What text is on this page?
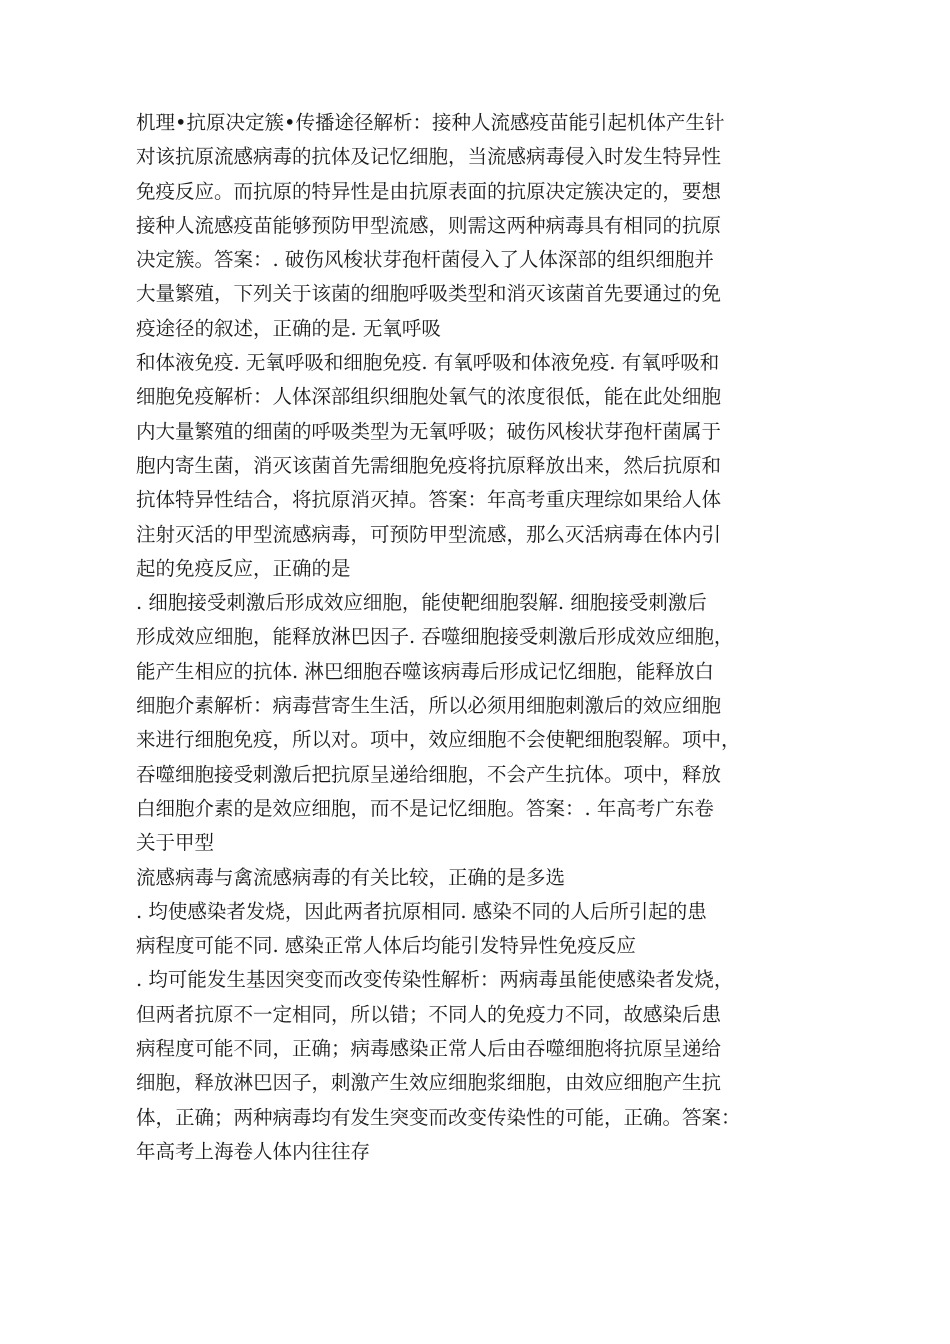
机理•抗原决定簇•传播途径解析：接种人流感疫苗能引起机体产生针
对该抗原流感病毒的抗体及记忆细胞，当流感病毒侵入时发生特异性
免疫反应。而抗原的特异性是由抗原表面的抗原决定簇决定的，要想
接种人流感疫苗能够预防甲型流感，则需这两种病毒具有相同的抗原
决定簇。答案：. 破伤风梭状芽孢杆菌侵入了人体深部的组织细胞并
大量繁殖，下列关于该菌的细胞呼吸类型和消灭该菌首先要通过的免
疫途径的叙述，正确的是. 无氧呼吸
和体液免疫. 无氧呼吸和细胞免疫. 有氧呼吸和体液免疫. 有氧呼吸和
细胞免疫解析：人体深部组织细胞处氧气的浓度很低，能在此处细胞
内大量繁殖的细菌的呼吸类型为无氧呼吸；破伤风梭状芽孢杆菌属于
胞内寄生菌，消灭该菌首先需细胞免疫将抗原释放出来，然后抗原和
抗体特异性结合，将抗原消灭掉。答案：年高考重庆理综如果给人体
注射灭活的甲型流感病毒，可预防甲型流感，那么灭活病毒在体内引
起的免疫反应，正确的是
. 细胞接受刺激后形成效应细胞，能使靶细胞裂解. 细胞接受刺激后
形成效应细胞，能释放淋巴因子. 吞噬细胞接受刺激后形成效应细胞，
能产生相应的抗体. 淋巴细胞吞噬该病毒后形成记忆细胞，能释放白
细胞介素解析：病毒营寄生生活，所以必须用细胞刺激后的效应细胞
来进行细胞免疫，所以对。项中，效应细胞不会使靶细胞裂解。项中，
吞噬细胞接受刺激后把抗原呈递给细胞，不会产生抗体。项中，释放
白细胞介素的是效应细胞，而不是记忆细胞。答案：. 年高考广东卷
关于甲型
流感病毒与禽流感病毒的有关比较，正确的是多选
. 均使感染者发烧，因此两者抗原相同. 感染不同的人后所引起的患
病程度可能不同. 感染正常人体后均能引发特异性免疫反应
. 均可能发生基因突变而改变传染性解析：两病毒虽能使感染者发烧，
但两者抗原不一定相同，所以错；不同人的免疫力不同，故感染后患
病程度可能不同，正确；病毒感染正常人后由吞噬细胞将抗原呈递给
细胞，释放淋巴因子，刺激产生效应细胞浆细胞，由效应细胞产生抗
体，正确；两种病毒均有发生突变而改变传染性的可能，正确。答案：
年高考上海卷人体内往往存
